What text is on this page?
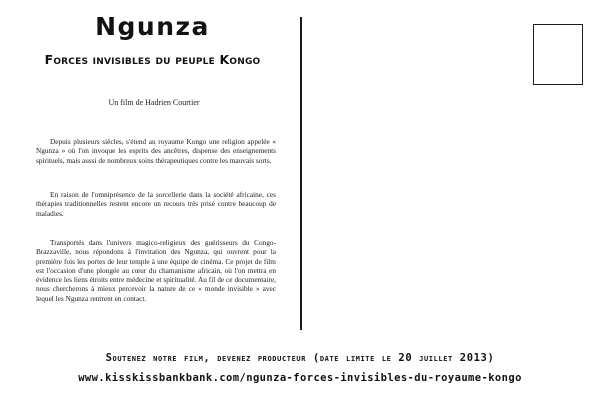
Ngunza
Forces invisibles du peuple Kongo
Un film de Hadrien Courtier
Depuis plusieurs siècles, s'étend au royaume Kongo une religion appelée « Ngunza » où l'on invoque les esprits des ancêtres, dispense des enseignements spirituels, mais aussi de nombreux soins thérapeutiques contre les mauvais sorts.
En raison de l'omniprésence de la sorcellerie dans la société africaine, ces thérapies traditionnelles restent encore un recours très prisé contre beaucoup de maladies.
Transportés dans l'univers magico-religieux des guérisseurs du Congo-Brazzaville, nous répondons à l'invitation des Ngunza, qui ouvrent pour la première fois les portes de leur temple à une équipe de cinéma. Ce projet de film est l'occasion d'une plongée au cœur du chamanisme africain, où l'on mettra en évidence les liens étroits entre médecine et spiritualité. Au fil de ce documentaire, nous chercherons à mieux percevoir la nature de ce « monde invisible » avec lequel les Ngunza rentrent en contact.
Soutenez notre film, devenez producteur (date limite le 20 juillet 2013)
www.kisskissbankbank.com/ngunza-forces-invisibles-du-royaume-kongo
